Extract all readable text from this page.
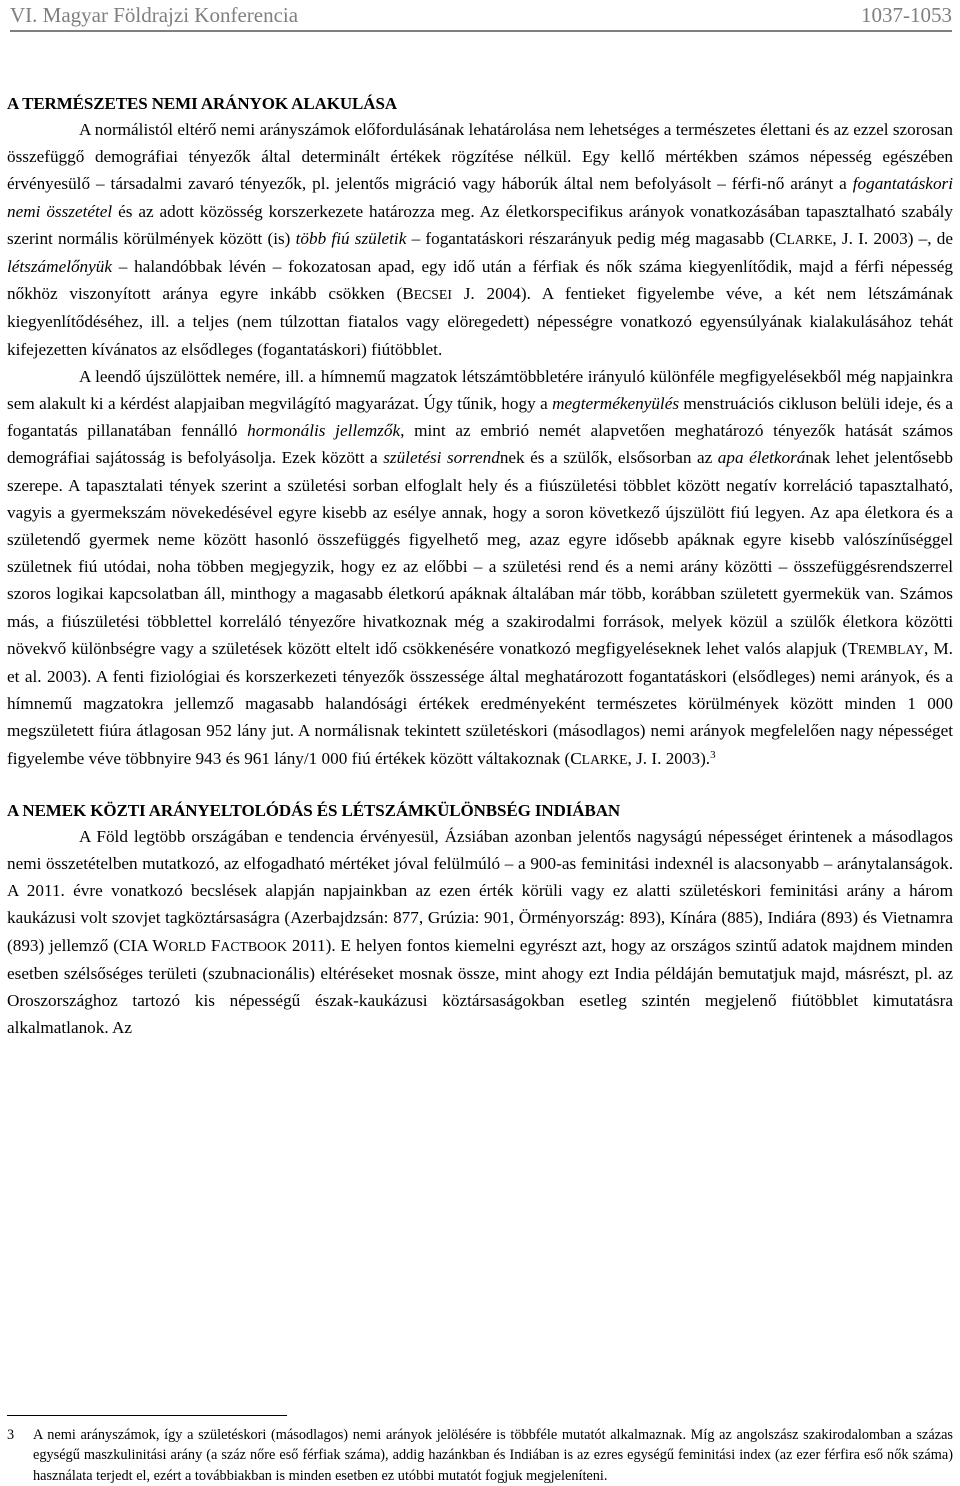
VI. Magyar Földrajzi Konferencia	1037-1053
A TERMÉSZETES NEMI ARÁNYOK ALAKULÁSA

A normálistól eltérő nemi arányszámok előfordulásának lehatárolása nem lehetséges a természetes élettani és az ezzel szorosan összefüggő demográfiai tényezők által determinált értékek rögzítése nélkül. Egy kellő mértékben számos népesség egészében érvényesülő – társadalmi zavaró tényezők, pl. jelentős migráció vagy háborúk által nem befolyásolt – férfi-nő arányt a fogantatáskori nemi összetétel és az adott közösség korszerkezete határozza meg. Az életkorspecifikus arányok vonatkozásában tapasztalható szabály szerint normális körülmények között (is) több fiú születik – fogantatáskori részarányuk pedig még magasabb (CLARKE, J. I. 2003) –, de létszámelőnyük – halandóbbak lévén – fokozatosan apad, egy idő után a férfiak és nők száma kiegyenlítődik, majd a férfi népesség nőkhöz viszonyított aránya egyre inkább csökken (BECSEI J. 2004). A fentieket figyelembe véve, a két nem létszámának kiegyenlítődéséhez, ill. a teljes (nem túlzottan fiatalos vagy elöregedett) népességre vonatkozó egyensúlyának kialakulásához tehát kifejezetten kívánatos az elsődleges (fogantatáskori) fiútöbblet.

A leendő újszülöttek nemére, ill. a hímnemű magzatok létszámtöbbletére irányuló különféle megfigyelésekből még napjainkra sem alakult ki a kérdést alapjaiban megvilágító magyarázat. Úgy tűnik, hogy a megtermékenyülés menstruációs cikluson belüli ideje, és a fogantatás pillanatában fennálló hormonális jellemzők, mint az embrió nemét alapvetően meghatározó tényezők hatását számos demográfiai sajátosság is befolyásolja. Ezek között a születési sorrendnek és a szülők, elsősorban az apa életkorának lehet jelentősebb szerepe. A tapasztalati tények szerint a születési sorban elfoglalt hely és a fiúszületési többlet között negatív korreláció tapasztalható, vagyis a gyermekszám növekedésével egyre kisebb az esélye annak, hogy a soron következő újszülött fiú legyen. Az apa életkora és a születendő gyermek neme között hasonló összefüggés figyelhető meg, azaz egyre idősebb apáknak egyre kisebb valószínűséggel születnek fiú utódai, noha többen megjegyzik, hogy ez az előbbi – a születési rend és a nemi arány közötti – összefüggésrendszerrel szoros logikai kapcsolatban áll, minthogy a magasabb életkorú apáknak általában már több, korábban született gyermekük van. Számos más, a fiúszületési többlettel korreláló tényezőre hivatkoznak még a szakirodalmi források, melyek közül a szülők életkora közötti növekvő különbségre vagy a születések között eltelt idő csökkenésére vonatkozó megfigyeléseknek lehet valós alapjuk (TREMBLAY, M. et al. 2003). A fenti fiziológiai és korszerkezeti tényezők összessége által meghatározott fogantatáskori (elsődleges) nemi arányok, és a hímnemű magzatokra jellemző magasabb halandósági értékek eredményeként természetes körülmények között minden 1 000 megszületett fiúra átlagosan 952 lány jut. A normálisnak tekintett születéskori (másodlagos) nemi arányok megfelelően nagy népességet figyelembe véve többnyire 943 és 961 lány/1 000 fiú értékek között váltakoznak (CLARKE, J. I. 2003).$^3$

A NEMEK KÖZTI ARÁNYELTOLÓDÁS ÉS LÉTSZÁMKÜLÖNBSÉG INDIÁBAN

A Föld legtöbb országában e tendencia érvényesül, Ázsiában azonban jelentős nagyságú népességet érintenek a másodlagos nemi összetételben mutatkozó, az elfogadható mértéket jóval felülmúló – a 900-as feminitási indexnél is alacsonyabb – aránytalanságok. A 2011. évre vonatkozó becslések alapján napjainkban az ezen érték körüli vagy ez alatti születéskori feminitási arány a három kaukázusi volt szovjet tagköztársaságra (Azerbajdzsán: 877, Grúzia: 901, Örményország: 893), Kínára (885), Indiára (893) és Vietnamra (893) jellemző (CIA WORLD FACTBOOK 2011). E helyen fontos kiemelni egyrészt azt, hogy az országos szintű adatok majdnem minden esetben szélsőséges területi (szubnacionális) eltéréseket mosnak össze, mint ahogy ezt India példáján bemutatjuk majd, másrészt, pl. az Oroszországhoz tartozó kis népességű észak-kaukázusi köztársaságokban esetleg szintén megjelenő fiútöbblet kimutatásra alkalmatlanok. Az

3 A nemi arányszámok, így a születéskori (másodlagos) nemi arányok jelölésére is többféle mutatót alkalmaznak. Míg az angolszász szakirodalomban a százas egységű maszkulinitási arány (a száz nőre eső férfiak száma), addig hazánkban és Indiában is az ezres egységű feminitási index (az ezer férfira eső nők száma) használata terjedt el, ezért a továbbiakban is minden esetben ez utóbbi mutatót fogjuk megjeleníteni.
